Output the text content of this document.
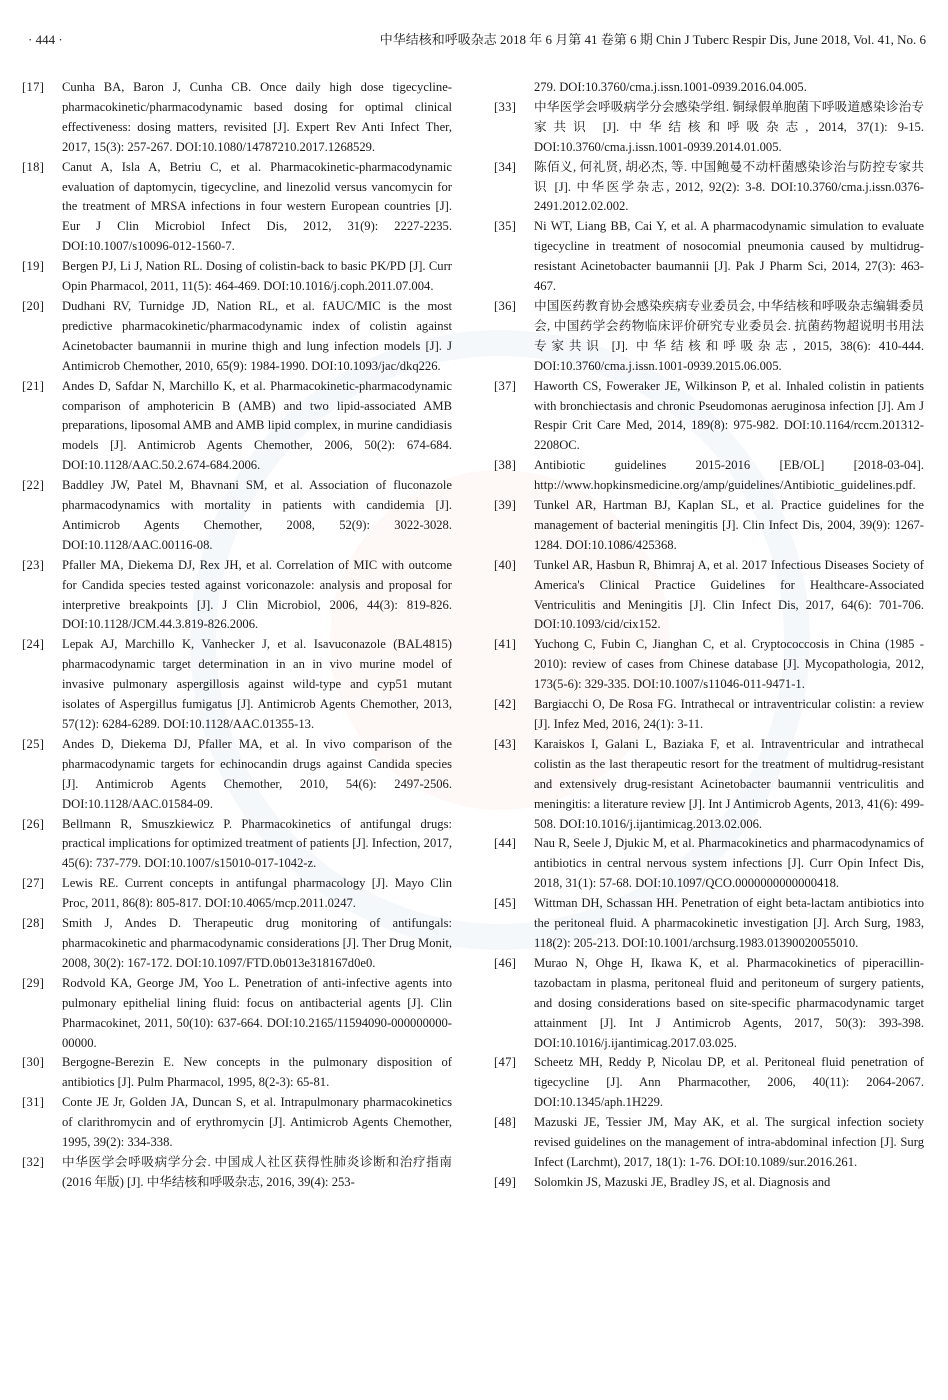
· 444 ·	中华结核和呼吸杂志 2018 年 6 月第 41 卷第 6 期 Chin J Tuberc Respir Dis, June 2018, Vol. 41, No. 6
[17]	Cunha BA, Baron J, Cunha CB. Once daily high dose tigecycline-pharmacokinetic/pharmacodynamic based dosing for optimal clinical effectiveness: dosing matters, revisited [J]. Expert Rev Anti Infect Ther, 2017, 15(3): 257-267. DOI:10.1080/14787210.2017.1268529.
[18]	Canut A, Isla A, Betriu C, et al. Pharmacokinetic-pharmacodynamic evaluation of daptomycin, tigecycline, and linezolid versus vancomycin for the treatment of MRSA infections in four western European countries [J]. Eur J Clin Microbiol Infect Dis, 2012, 31(9): 2227-2235. DOI:10.1007/s10096-012-1560-7.
[19]	Bergen PJ, Li J, Nation RL. Dosing of colistin-back to basic PK/PD [J]. Curr Opin Pharmacol, 2011, 11(5): 464-469. DOI:10.1016/j.coph.2011.07.004.
[20]	Dudhani RV, Turnidge JD, Nation RL, et al. fAUC/MIC is the most predictive pharmacokinetic/pharmacodynamic index of colistin against Acinetobacter baumannii in murine thigh and lung infection models [J]. J Antimicrob Chemother, 2010, 65(9): 1984-1990. DOI:10.1093/jac/dkq226.
[21]	Andes D, Safdar N, Marchillo K, et al. Pharmacokinetic-pharmacodynamic comparison of amphotericin B (AMB) and two lipid-associated AMB preparations, liposomal AMB and AMB lipid complex, in murine candidiasis models [J]. Antimicrob Agents Chemother, 2006, 50(2): 674-684. DOI:10.1128/AAC.50.2.674-684.2006.
[22]	Baddley JW, Patel M, Bhavnani SM, et al. Association of fluconazole pharmacodynamics with mortality in patients with candidemia [J]. Antimicrob Agents Chemother, 2008, 52(9): 3022-3028. DOI:10.1128/AAC.00116-08.
[23]	Pfaller MA, Diekema DJ, Rex JH, et al. Correlation of MIC with outcome for Candida species tested against voriconazole: analysis and proposal for interpretive breakpoints [J]. J Clin Microbiol, 2006, 44(3): 819-826. DOI:10.1128/JCM.44.3.819-826.2006.
[24]	Lepak AJ, Marchillo K, Vanhecker J, et al. Isavuconazole (BAL4815) pharmacodynamic target determination in an in vivo murine model of invasive pulmonary aspergillosis against wild-type and cyp51 mutant isolates of Aspergillus fumigatus [J]. Antimicrob Agents Chemother, 2013, 57(12): 6284-6289. DOI:10.1128/AAC.01355-13.
[25]	Andes D, Diekema DJ, Pfaller MA, et al. In vivo comparison of the pharmacodynamic targets for echinocandin drugs against Candida species [J]. Antimicrob Agents Chemother, 2010, 54(6): 2497-2506. DOI:10.1128/AAC.01584-09.
[26]	Bellmann R, Smuszkiewicz P. Pharmacokinetics of antifungal drugs: practical implications for optimized treatment of patients [J]. Infection, 2017, 45(6): 737-779. DOI:10.1007/s15010-017-1042-z.
[27]	Lewis RE. Current concepts in antifungal pharmacology [J]. Mayo Clin Proc, 2011, 86(8): 805-817. DOI:10.4065/mcp.2011.0247.
[28]	Smith J, Andes D. Therapeutic drug monitoring of antifungals: pharmacokinetic and pharmacodynamic considerations [J]. Ther Drug Monit, 2008, 30(2): 167-172. DOI:10.1097/FTD.0b013e318167d0e0.
[29]	Rodvold KA, George JM, Yoo L. Penetration of anti-infective agents into pulmonary epithelial lining fluid: focus on antibacterial agents [J]. Clin Pharmacokinet, 2011, 50(10): 637-664. DOI:10.2165/11594090-000000000-00000.
[30]	Bergogne-Berezin E. New concepts in the pulmonary disposition of antibiotics [J]. Pulm Pharmacol, 1995, 8(2-3): 65-81.
[31]	Conte JE Jr, Golden JA, Duncan S, et al. Intrapulmonary pharmacokinetics of clarithromycin and of erythromycin [J]. Antimicrob Agents Chemother, 1995, 39(2): 334-338.
[32]	中华医学会呼吸病学分会. 中国成人社区获得性肺炎诊断和治疗指南(2016 年版) [J]. 中华结核和呼吸杂志, 2016, 39(4): 253-
279. DOI:10.3760/cma.j.issn.1001-0939.2016.04.005.
[33]	中华医学会呼吸病学分会感染学组. 铜绿假单胞菌下呼吸道感染诊治专家共识 [J]. 中华结核和呼吸杂志, 2014, 37(1): 9-15. DOI:10.3760/cma.j.issn.1001-0939.2014.01.005.
[34]	陈佰义, 何礼贤, 胡必杰, 等. 中国鲍曼不动杆菌感染诊治与防控专家共识 [J]. 中华医学杂志, 2012, 92(2): 3-8. DOI:10.3760/cma.j.issn.0376-2491.2012.02.002.
[35]	Ni WT, Liang BB, Cai Y, et al. A pharmacodynamic simulation to evaluate tigecycline in treatment of nosocomial pneumonia caused by multidrug-resistant Acinetobacter baumannii [J]. Pak J Pharm Sci, 2014, 27(3): 463-467.
[36]	中国医药教育协会感染疾病专业委员会, 中华结核和呼吸杂志编辑委员会, 中国药学会药物临床评价研究专业委员会. 抗菌药物超说明书用法专家共识 [J]. 中华结核和呼吸杂志, 2015, 38(6): 410-444. DOI:10.3760/cma.j.issn.1001-0939.2015.06.005.
[37]	Haworth CS, Foweraker JE, Wilkinson P, et al. Inhaled colistin in patients with bronchiectasis and chronic Pseudomonas aeruginosa infection [J]. Am J Respir Crit Care Med, 2014, 189(8): 975-982. DOI:10.1164/rccm.201312-2208OC.
[38]	Antibiotic guidelines 2015-2016 [EB/OL] [2018-03-04]. http://www.hopkinsmedicine.org/amp/guidelines/Antibiotic_guidelines.pdf.
[39]	Tunkel AR, Hartman BJ, Kaplan SL, et al. Practice guidelines for the management of bacterial meningitis [J]. Clin Infect Dis, 2004, 39(9): 1267-1284. DOI:10.1086/425368.
[40]	Tunkel AR, Hasbun R, Bhimraj A, et al. 2017 Infectious Diseases Society of America's Clinical Practice Guidelines for Healthcare-Associated Ventriculitis and Meningitis [J]. Clin Infect Dis, 2017, 64(6): 701-706. DOI:10.1093/cid/cix152.
[41]	Yuchong C, Fubin C, Jianghan C, et al. Cryptococcosis in China (1985 - 2010): review of cases from Chinese database [J]. Mycopathologia, 2012, 173(5-6): 329-335. DOI:10.1007/s11046-011-9471-1.
[42]	Bargiacchi O, De Rosa FG. Intrathecal or intraventricular colistin: a review [J]. Infez Med, 2016, 24(1): 3-11.
[43]	Karaiskos I, Galani L, Baziaka F, et al. Intraventricular and intrathecal colistin as the last therapeutic resort for the treatment of multidrug-resistant and extensively drug-resistant Acinetobacter baumannii ventriculitis and meningitis: a literature review [J]. Int J Antimicrob Agents, 2013, 41(6): 499-508. DOI:10.1016/j.ijantimicag.2013.02.006.
[44]	Nau R, Seele J, Djukic M, et al. Pharmacokinetics and pharmacodynamics of antibiotics in central nervous system infections [J]. Curr Opin Infect Dis, 2018, 31(1): 57-68. DOI:10.1097/QCO.0000000000000418.
[45]	Wittman DH, Schassan HH. Penetration of eight beta-lactam antibiotics into the peritoneal fluid. A pharmacokinetic investigation [J]. Arch Surg, 1983, 118(2): 205-213. DOI:10.1001/archsurg.1983.01390020055010.
[46]	Murao N, Ohge H, Ikawa K, et al. Pharmacokinetics of piperacillin-tazobactam in plasma, peritoneal fluid and peritoneum of surgery patients, and dosing considerations based on site-specific pharmacodynamic target attainment [J]. Int J Antimicrob Agents, 2017, 50(3): 393-398. DOI:10.1016/j.ijantimicag.2017.03.025.
[47]	Scheetz MH, Reddy P, Nicolau DP, et al. Peritoneal fluid penetration of tigecycline [J]. Ann Pharmacother, 2006, 40(11): 2064-2067. DOI:10.1345/aph.1H229.
[48]	Mazuski JE, Tessier JM, May AK, et al. The surgical infection society revised guidelines on the management of intra-abdominal infection [J]. Surg Infect (Larchmt), 2017, 18(1): 1-76. DOI:10.1089/sur.2016.261.
[49]	Solomkin JS, Mazuski JE, Bradley JS, et al. Diagnosis and
